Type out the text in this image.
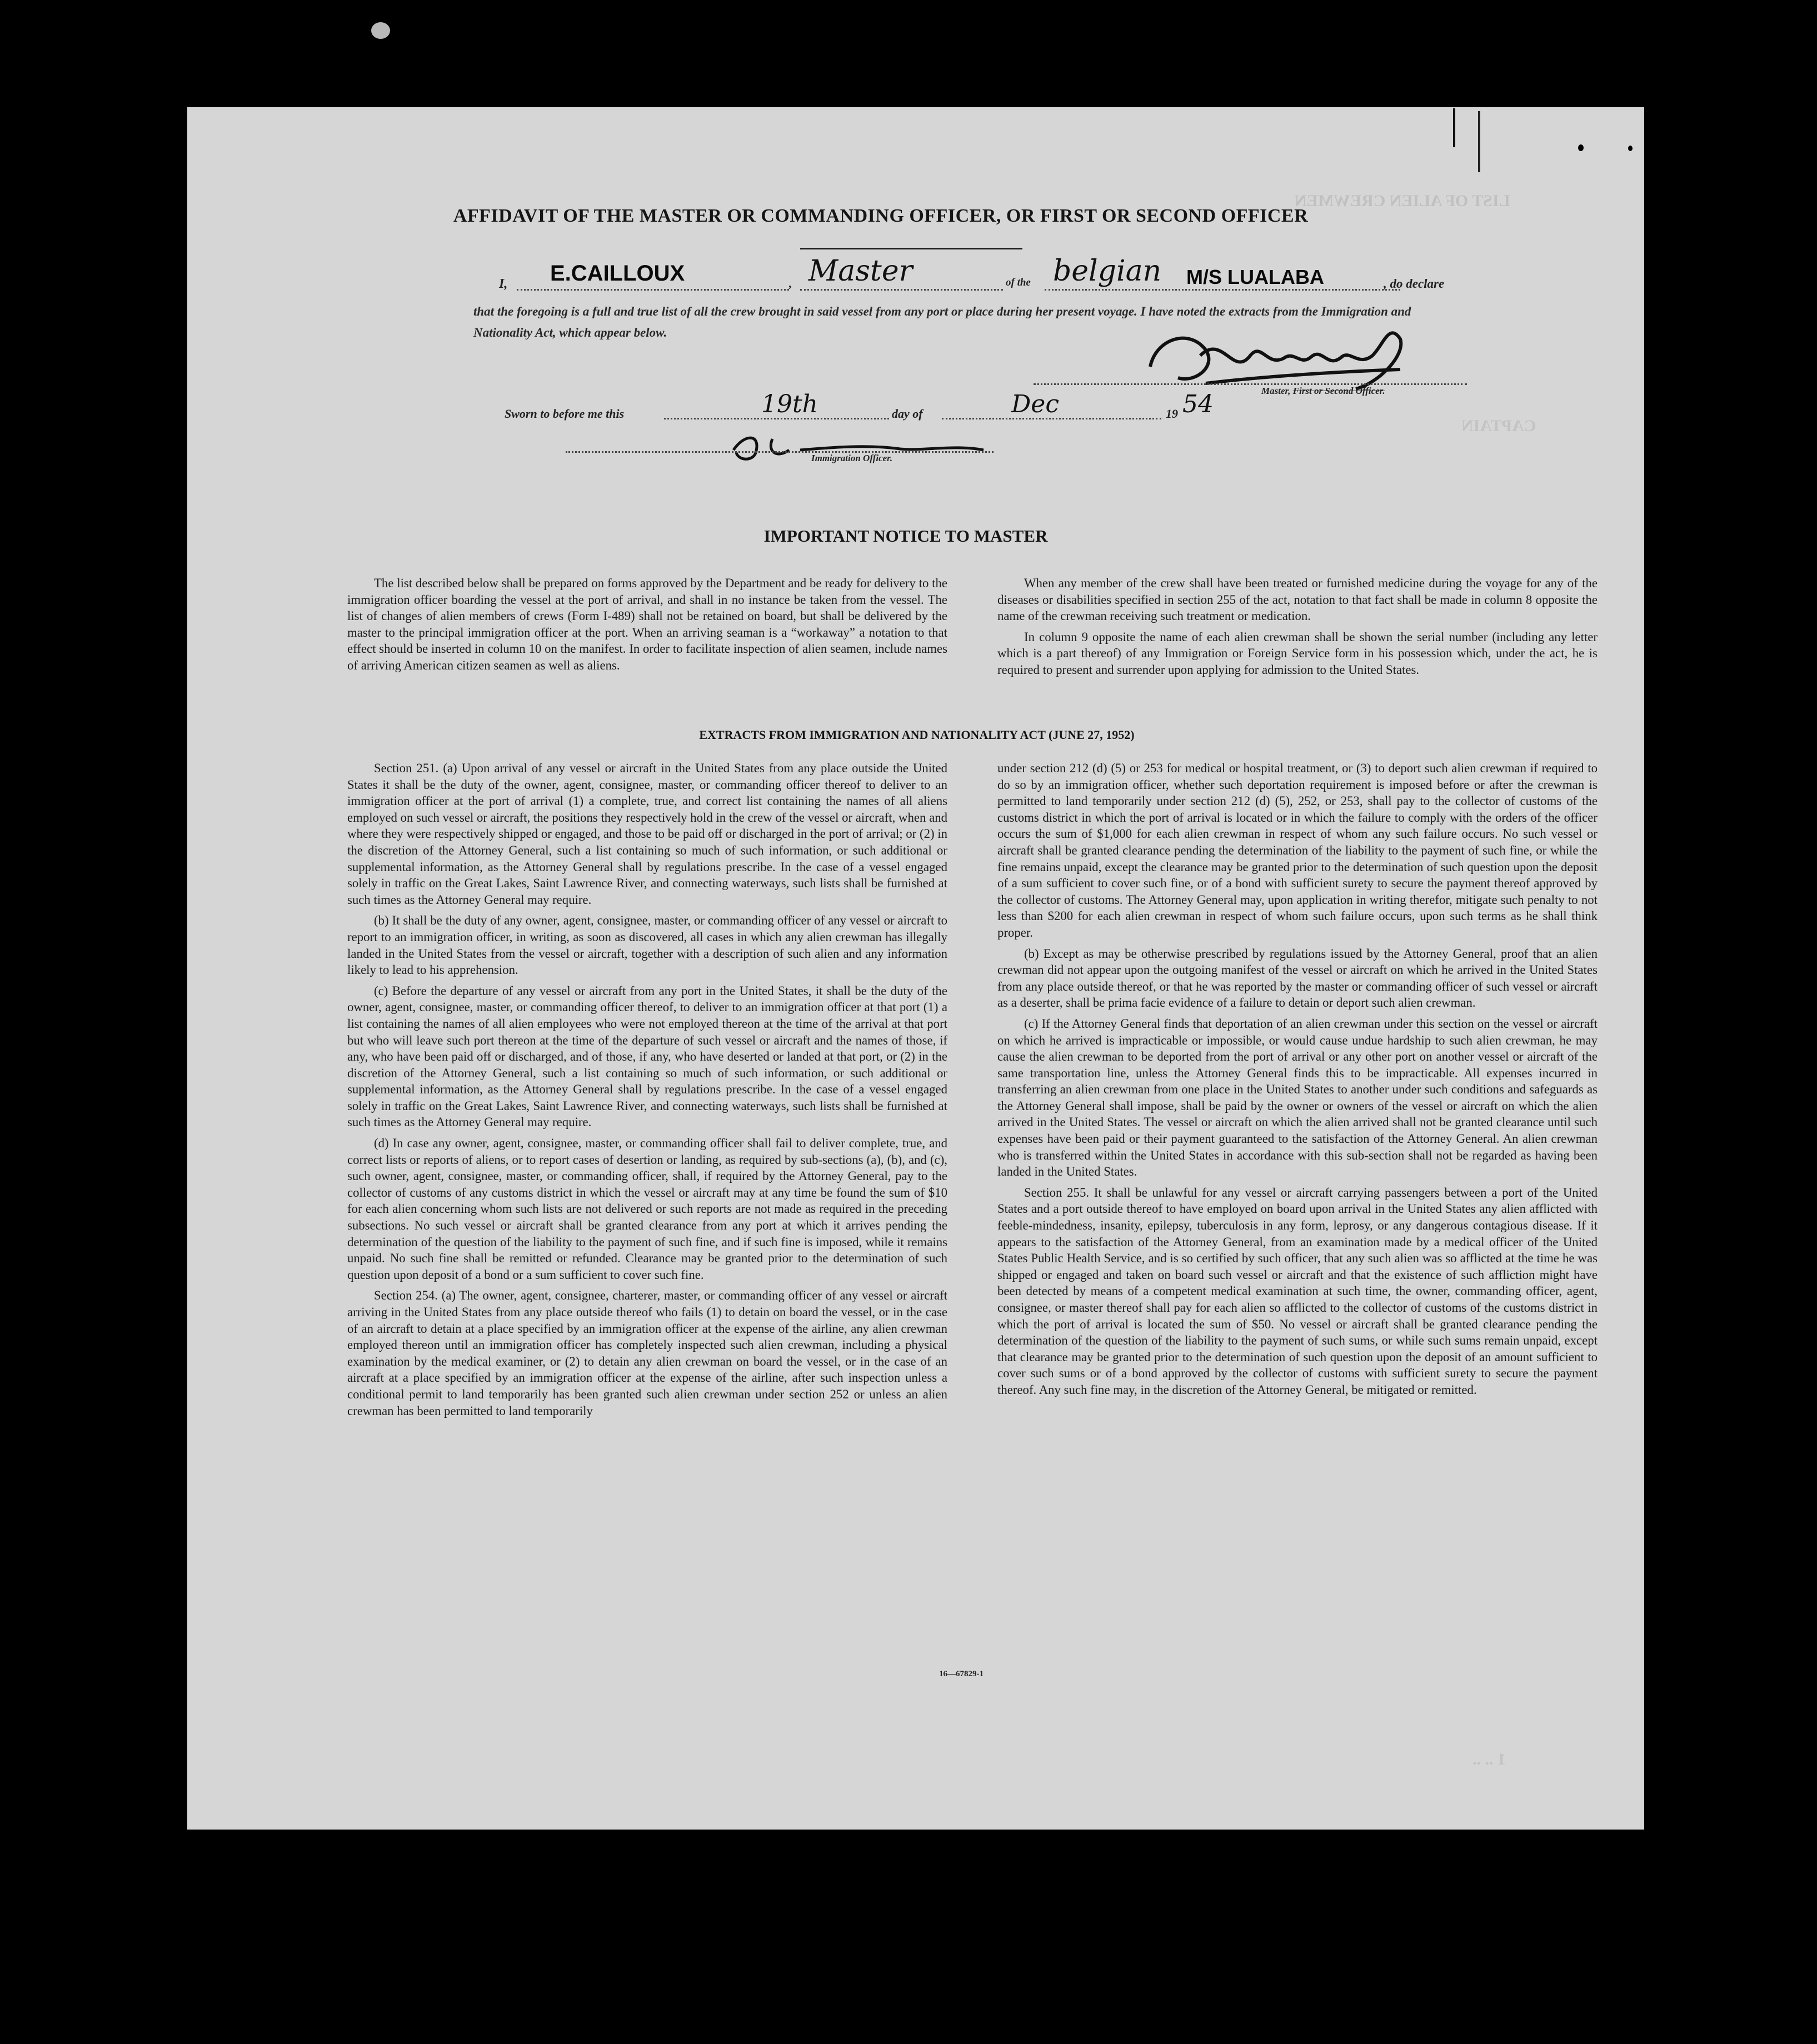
LIST OF ALIEN CREWMEN
CAPTAIN
1 .. ..
AFFIDAVIT OF THE MASTER OR COMMANDING OFFICER, OR FIRST OR SECOND OFFICER
I, E.CAILLOUX	, Master	of the belgian M/S LUALABA	, do declare
that the foregoing is a full and true list of all the crew brought in said vessel from any port or place during her present voyage. I have noted the extracts from the Immigration and Nationality Act, which appear below.
Master, First or Second Officer.
Sworn to before me this	19th	day of	Dec	19 54
Immigration Officer.
IMPORTANT NOTICE TO MASTER

The list described below shall be prepared on forms approved by the Department and be ready for delivery to the immigration officer boarding the vessel at the port of arrival, and shall in no instance be taken from the vessel. The list of changes of alien members of crews (Form I-489) shall not be retained on board, but shall be delivered by the master to the principal immigration officer at the port. When an arriving seaman is a “workaway” a notation to that effect should be inserted in column 10 on the manifest. In order to facilitate inspection of alien seamen, include names of arriving American citizen seamen as well as aliens.

When any member of the crew shall have been treated or furnished medicine during the voyage for any of the diseases or disabilities specified in section 255 of the act, notation to that fact shall be made in column 8 opposite the name of the crewman receiving such treatment or medication.

In column 9 opposite the name of each alien crewman shall be shown the serial number (including any letter which is a part thereof) of any Immigration or Foreign Service form in his possession which, under the act, he is required to present and surrender upon applying for admission to the United States.

EXTRACTS FROM IMMIGRATION AND NATIONALITY ACT (JUNE 27, 1952)

Section 251. (a) Upon arrival of any vessel or aircraft in the United States from any place outside the United States it shall be the duty of the owner, agent, consignee, master, or commanding officer thereof to deliver to an immigration officer at the port of arrival (1) a complete, true, and correct list containing the names of all aliens employed on such vessel or aircraft, the positions they respectively hold in the crew of the vessel or aircraft, when and where they were respectively shipped or engaged, and those to be paid off or discharged in the port of arrival; or (2) in the discretion of the Attorney General, such a list containing so much of such information, or such additional or supplemental information, as the Attorney General shall by regulations prescribe. In the case of a vessel engaged solely in traffic on the Great Lakes, Saint Lawrence River, and connecting waterways, such lists shall be furnished at such times as the Attorney General may require.

(b) It shall be the duty of any owner, agent, consignee, master, or commanding officer of any vessel or aircraft to report to an immigration officer, in writing, as soon as discovered, all cases in which any alien crewman has illegally landed in the United States from the vessel or aircraft, together with a description of such alien and any information likely to lead to his apprehension.

(c) Before the departure of any vessel or aircraft from any port in the United States, it shall be the duty of the owner, agent, consignee, master, or commanding officer thereof, to deliver to an immigration officer at that port (1) a list containing the names of all alien employees who were not employed thereon at the time of the arrival at that port but who will leave such port thereon at the time of the departure of such vessel or aircraft and the names of those, if any, who have been paid off or discharged, and of those, if any, who have deserted or landed at that port, or (2) in the discretion of the Attorney General, such a list containing so much of such information, or such additional or supplemental information, as the Attorney General shall by regulations prescribe. In the case of a vessel engaged solely in traffic on the Great Lakes, Saint Lawrence River, and connecting waterways, such lists shall be furnished at such times as the Attorney General may require.

(d) In case any owner, agent, consignee, master, or commanding officer shall fail to deliver complete, true, and correct lists or reports of aliens, or to report cases of desertion or landing, as required by sub-sections (a), (b), and (c), such owner, agent, consignee, master, or commanding officer, shall, if required by the Attorney General, pay to the collector of customs of any customs district in which the vessel or aircraft may at any time be found the sum of $10 for each alien concerning whom such lists are not delivered or such reports are not made as required in the preceding subsections. No such vessel or aircraft shall be granted clearance from any port at which it arrives pending the determination of the question of the liability to the payment of such fine, and if such fine is imposed, while it remains unpaid. No such fine shall be remitted or refunded. Clearance may be granted prior to the determination of such question upon deposit of a bond or a sum sufficient to cover such fine.

Section 254. (a) The owner, agent, consignee, charterer, master, or commanding officer of any vessel or aircraft arriving in the United States from any place outside thereof who fails (1) to detain on board the vessel, or in the case of an aircraft to detain at a place specified by an immigration officer at the expense of the airline, any alien crewman employed thereon until an immigration officer has completely inspected such alien crewman, including a physical examination by the medical examiner, or (2) to detain any alien crewman on board the vessel, or in the case of an aircraft at a place specified by an immigration officer at the expense of the airline, after such inspection unless a conditional permit to land temporarily has been granted such alien crewman under section 252 or unless an alien crewman has been permitted to land temporarily

under section 212 (d) (5) or 253 for medical or hospital treatment, or (3) to deport such alien crewman if required to do so by an immigration officer, whether such deportation requirement is imposed before or after the crewman is permitted to land temporarily under section 212 (d) (5), 252, or 253, shall pay to the collector of customs of the customs district in which the port of arrival is located or in which the failure to comply with the orders of the officer occurs the sum of $1,000 for each alien crewman in respect of whom any such failure occurs. No such vessel or aircraft shall be granted clearance pending the determination of the liability to the payment of such fine, or while the fine remains unpaid, except the clearance may be granted prior to the determination of such question upon the deposit of a sum sufficient to cover such fine, or of a bond with sufficient surety to secure the payment thereof approved by the collector of customs. The Attorney General may, upon application in writing therefor, mitigate such penalty to not less than $200 for each alien crewman in respect of whom such failure occurs, upon such terms as he shall think proper.

(b) Except as may be otherwise prescribed by regulations issued by the Attorney General, proof that an alien crewman did not appear upon the outgoing manifest of the vessel or aircraft on which he arrived in the United States from any place outside thereof, or that he was reported by the master or commanding officer of such vessel or aircraft as a deserter, shall be prima facie evidence of a failure to detain or deport such alien crewman.

(c) If the Attorney General finds that deportation of an alien crewman under this section on the vessel or aircraft on which he arrived is impracticable or impossible, or would cause undue hardship to such alien crewman, he may cause the alien crewman to be deported from the port of arrival or any other port on another vessel or aircraft of the same transportation line, unless the Attorney General finds this to be impracticable. All expenses incurred in transferring an alien crewman from one place in the United States to another under such conditions and safeguards as the Attorney General shall impose, shall be paid by the owner or owners of the vessel or aircraft on which the alien arrived in the United States. The vessel or aircraft on which the alien arrived shall not be granted clearance until such expenses have been paid or their payment guaranteed to the satisfaction of the Attorney General. An alien crewman who is transferred within the United States in accordance with this sub-section shall not be regarded as having been landed in the United States.

Section 255. It shall be unlawful for any vessel or aircraft carrying passengers between a port of the United States and a port outside thereof to have employed on board upon arrival in the United States any alien afflicted with feeble-mindedness, insanity, epilepsy, tuberculosis in any form, leprosy, or any dangerous contagious disease. If it appears to the satisfaction of the Attorney General, from an examination made by a medical officer of the United States Public Health Service, and is so certified by such officer, that any such alien was so afflicted at the time he was shipped or engaged and taken on board such vessel or aircraft and that the existence of such affliction might have been detected by means of a competent medical examination at such time, the owner, commanding officer, agent, consignee, or master thereof shall pay for each alien so afflicted to the collector of customs of the customs district in which the port of arrival is located the sum of $50. No vessel or aircraft shall be granted clearance pending the determination of the question of the liability to the payment of such sums, or while such sums remain unpaid, except that clearance may be granted prior to the determination of such question upon the deposit of an amount sufficient to cover such sums or of a bond approved by the collector of customs with sufficient surety to secure the payment thereof. Any such fine may, in the discretion of the Attorney General, be mitigated or remitted.

16—67829-1
